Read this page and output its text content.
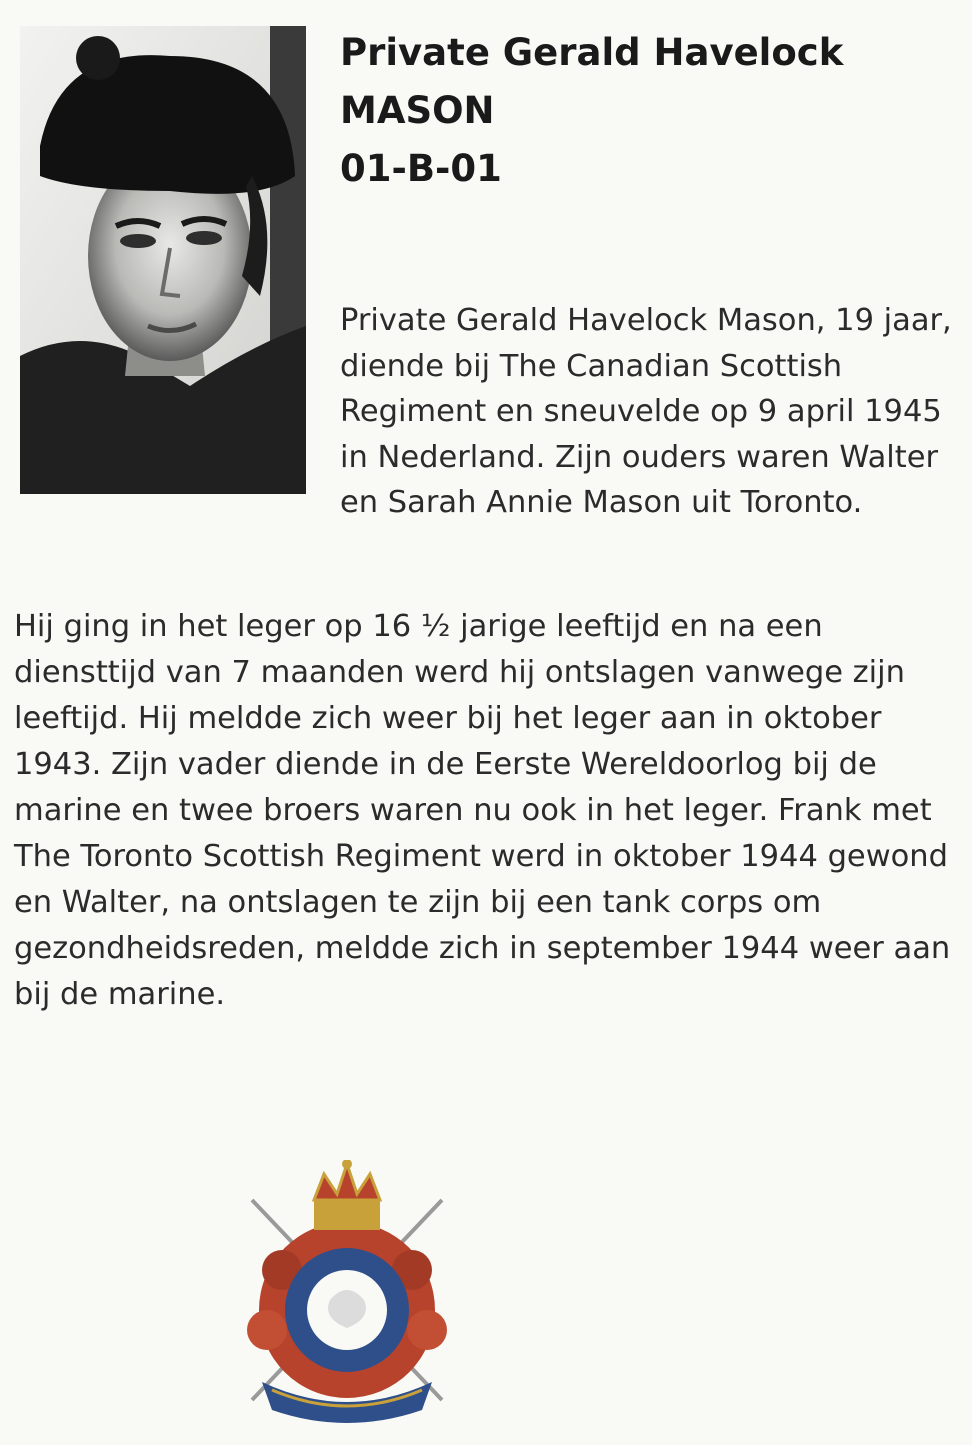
Private Gerald Havelock
MASON
01-B-01
Private Gerald Havelock Mason, 19 jaar, diende bij The Canadian Scottish Regiment en sneuvelde op 9 april 1945 in Nederland. Zijn ouders waren Walter en Sarah Annie Mason uit Toronto.
Hij ging in het leger op 16 ½ jarige leeftijd en na een diensttijd van 7 maanden werd hij ontslagen vanwege zijn leeftijd. Hij meldde zich weer bij het leger aan in oktober 1943. Zijn vader diende in de Eerste Wereldoorlog bij de marine en twee broers waren nu ook in het leger. Frank met The Toronto Scottish Regiment werd in oktober 1944 gewond en Walter, na ontslagen te zijn bij een tank corps om gezondheidsreden, meldde zich in september 1944 weer aan bij de marine.
